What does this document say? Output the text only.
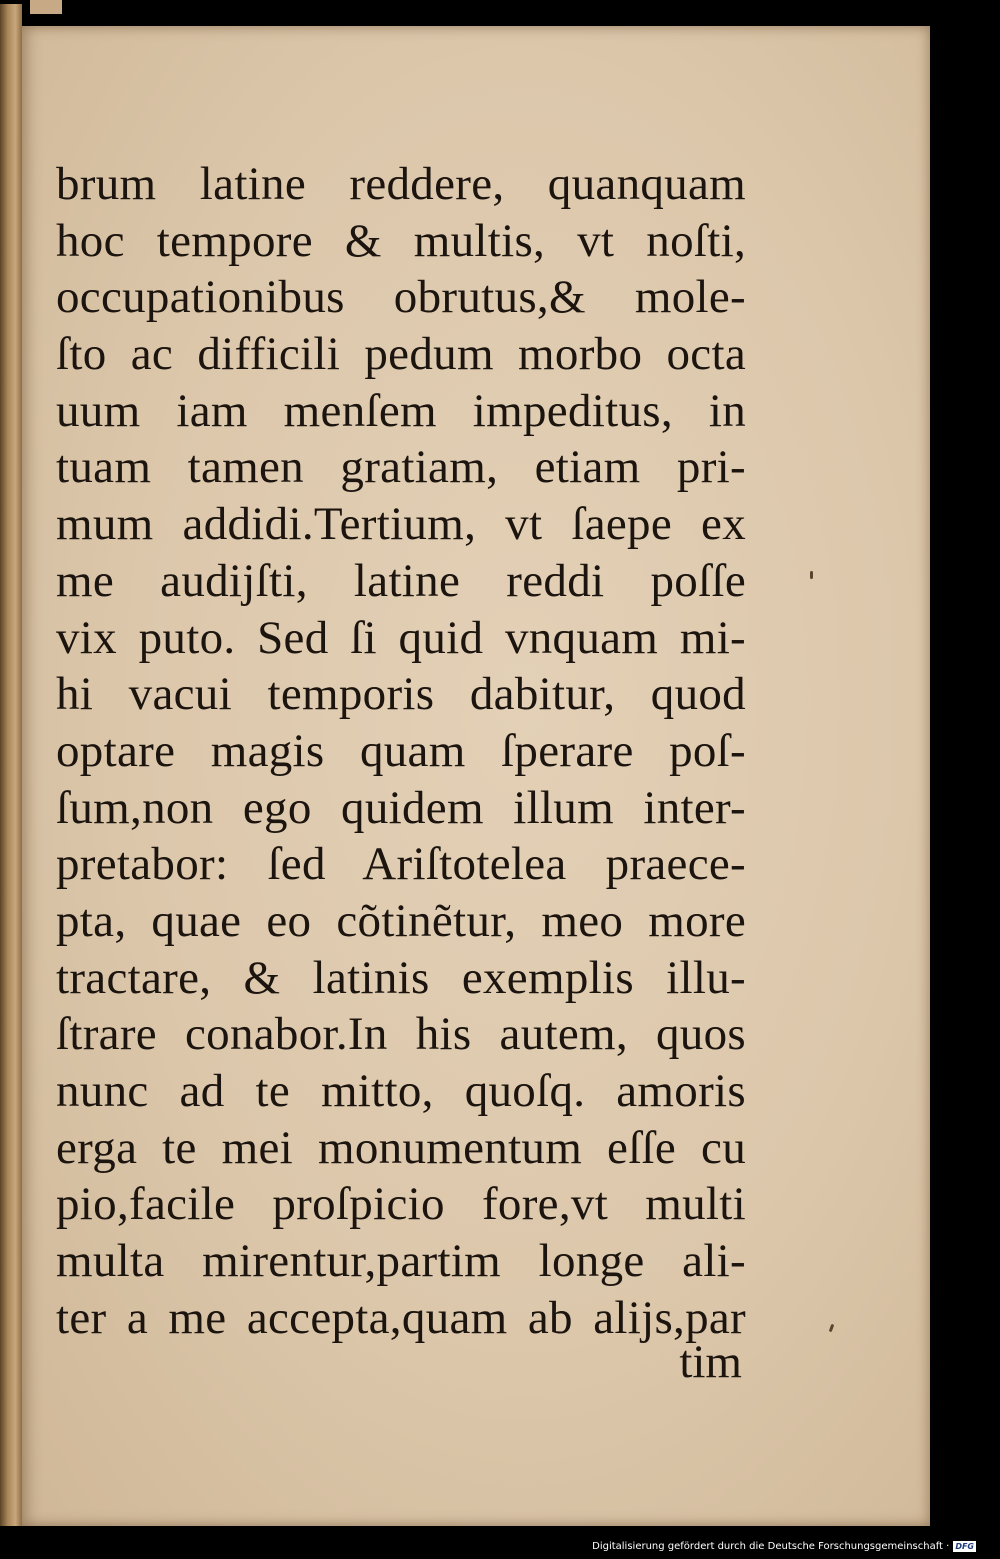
brum latine reddere, quanquam
hoc tempore & multis, vt noſti,
occupationibus obrutus,& mole-
ſto ac difficili pedum morbo octa
uum iam menſem impeditus, in
tuam tamen gratiam, etiam pri-
mum addidi.Tertium, vt ſaepe ex
me audijſti, latine reddi poſſe
vix puto. Sed ſi quid vnquam mi-
hi vacui temporis dabitur, quod
optare magis quam ſperare poſ-
ſum,non ego quidem illum inter-
pretabor: ſed Ariſtotelea praece-
pta, quae eo cõtinẽtur, meo more
tractare, & latinis exemplis illu-
ſtrare conabor.In his autem, quos
nunc ad te mitto, quoſq. amoris
erga te mei monumentum eſſe cu
pio,facile proſpicio fore,vt multi
multa mirentur,partim longe ali-
ter a me accepta,quam ab alijs,par
tim
Digitalisierung gefördert durch die Deutsche Forschungsgemeinschaft · DFG
